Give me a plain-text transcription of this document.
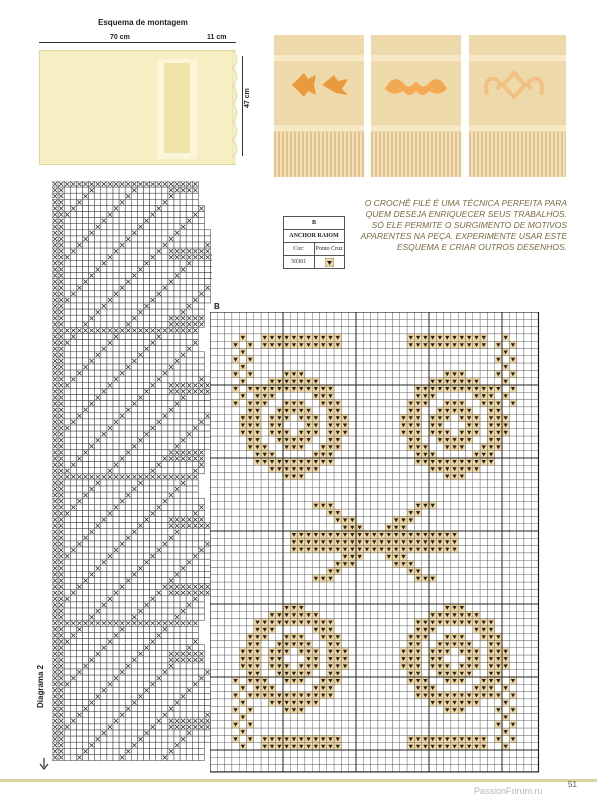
Esquema de montagem
70 cm	11 cm
47 cm
B
ANCHOR RAIOM
Cor:	Ponto Cruz
50301
O CROCHÊ FILÉ É UMA TÉCNICA PERFEITA PARA QUEM DESEJA ENRIQUECER SEUS TRABALHOS. SÓ ELE PERMITE O SURGIMENTO DE MOTIVOS APARENTES NA PEÇA. EXPERIMENTE USAR ESTE ESQUEMA E CRIAR OUTROS DESENHOS.
Diagrama 2
B
51
PassionForum.ru
